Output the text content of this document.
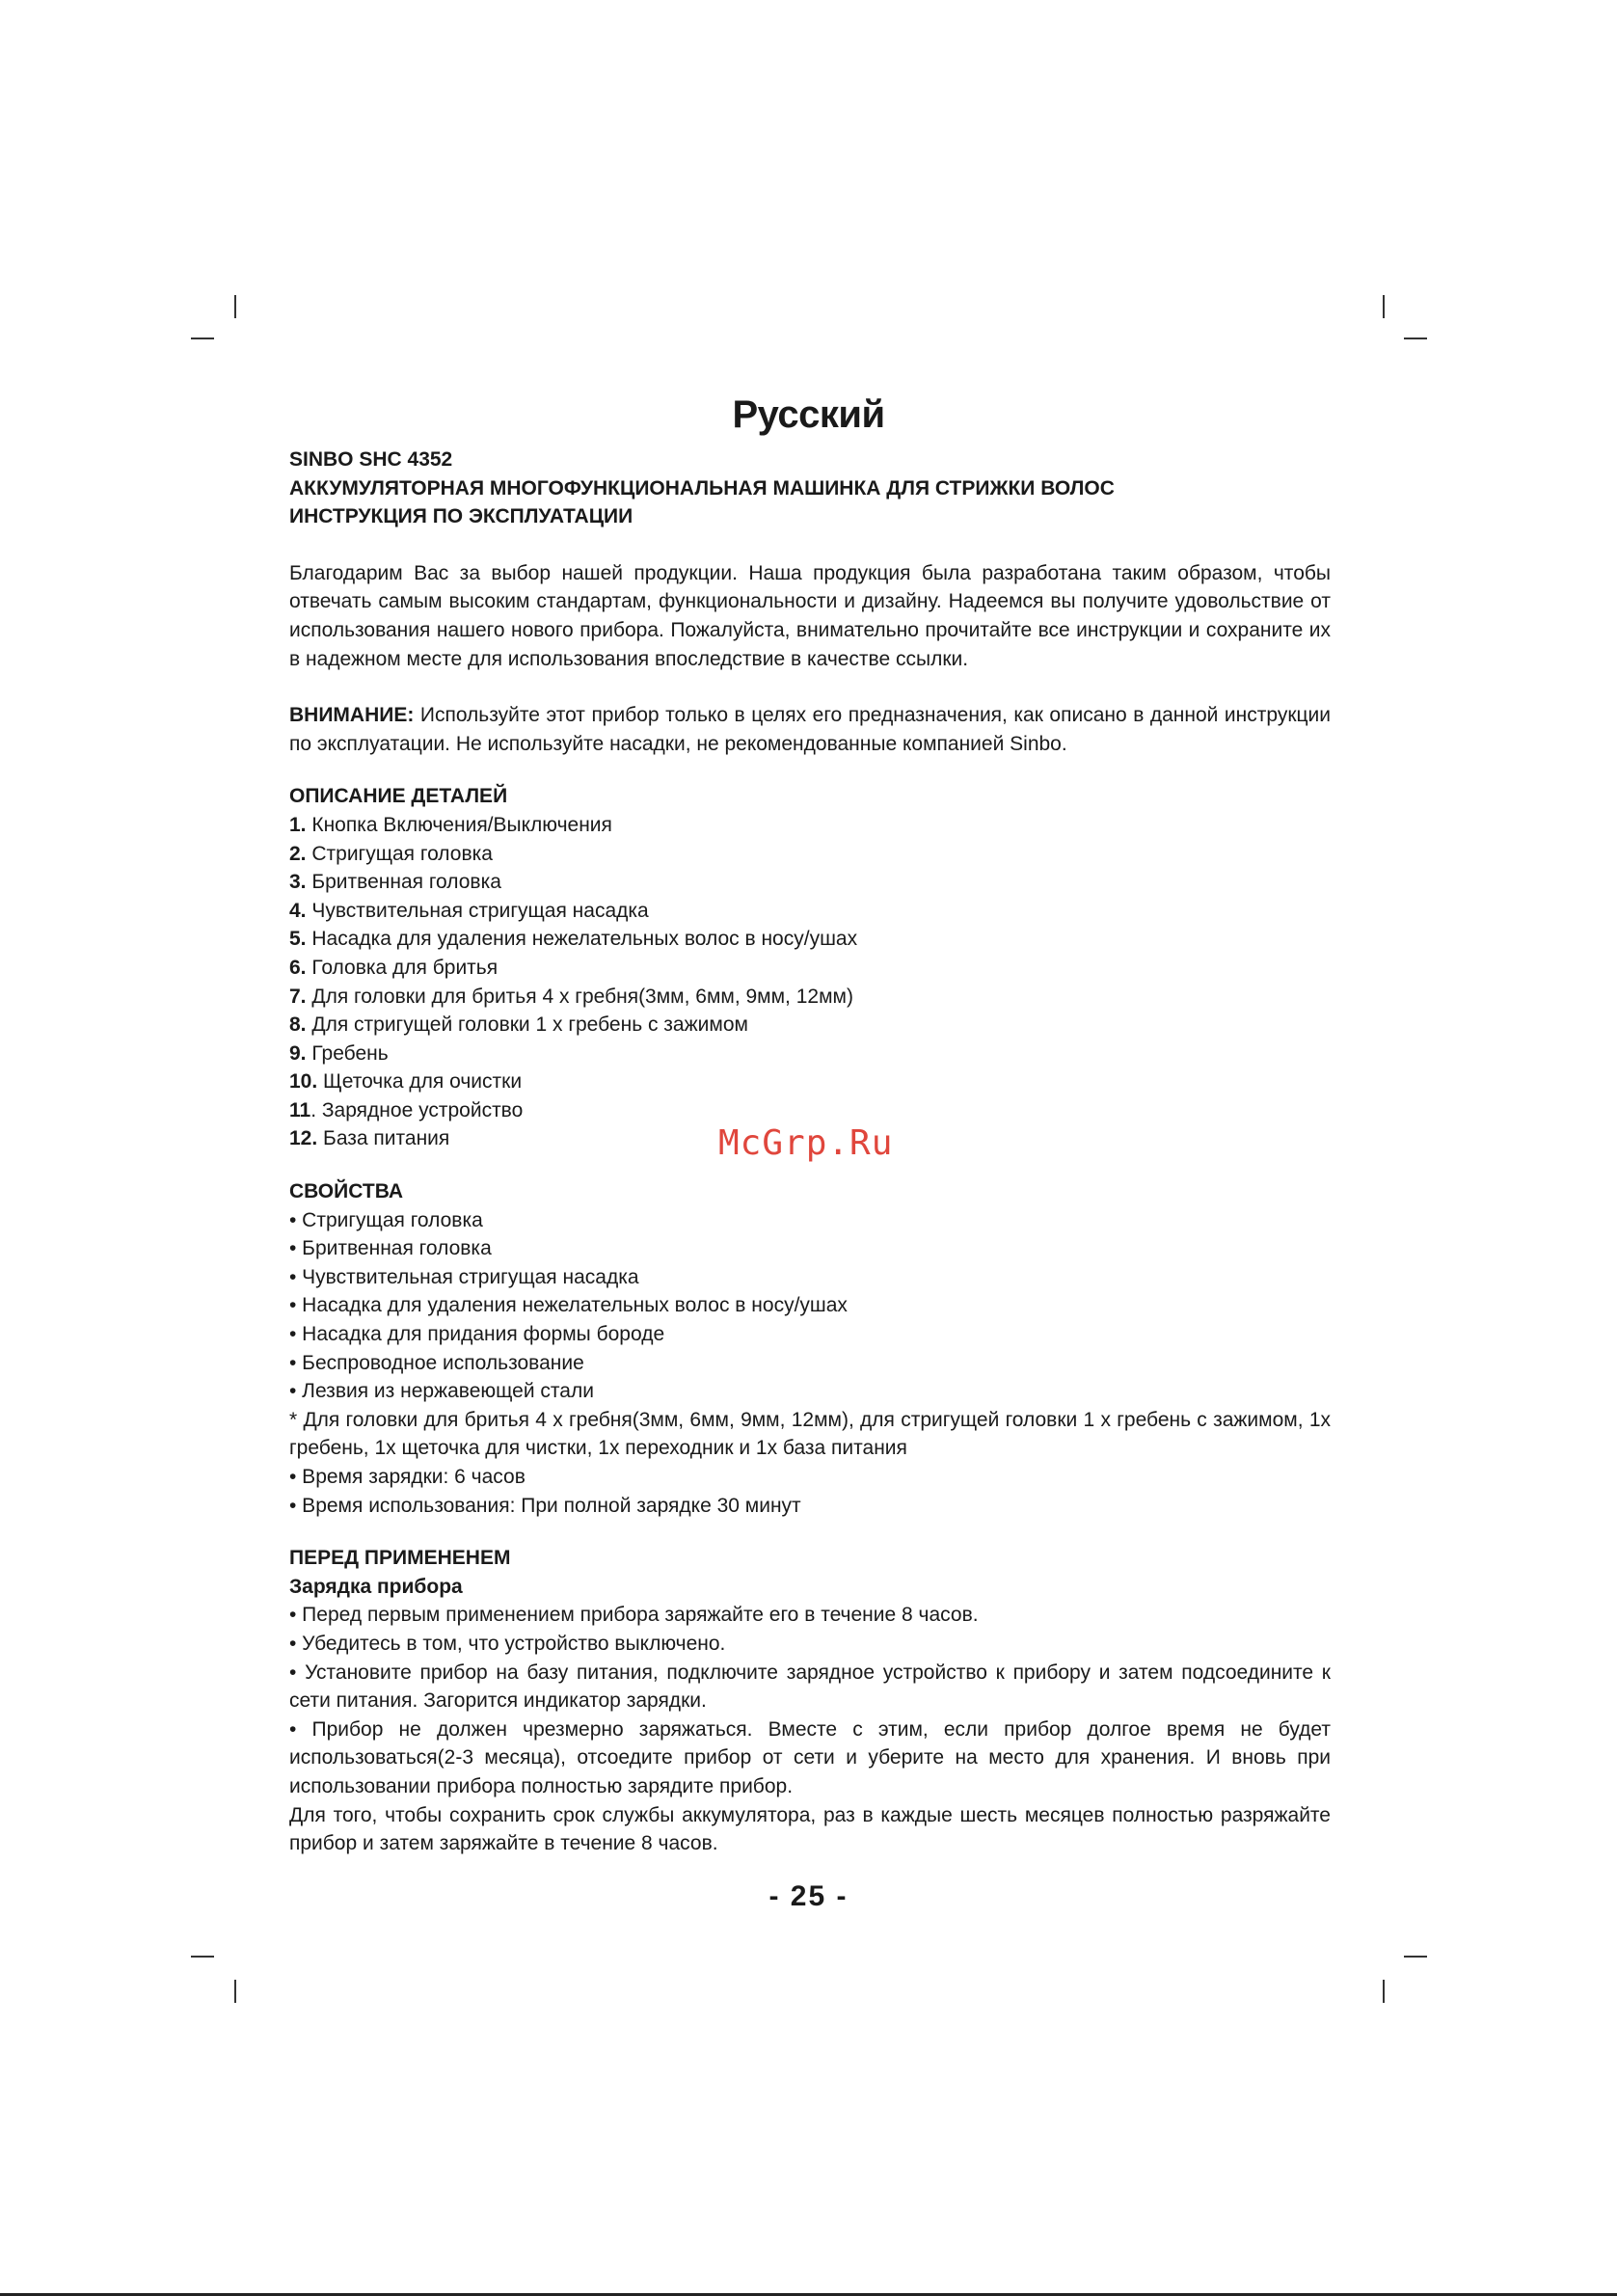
Русский
SINBO SHC 4352
АККУМУЛЯТОРНАЯ МНОГОФУНКЦИОНАЛЬНАЯ МАШИНКА ДЛЯ СТРИЖКИ ВОЛОС
ИНСТРУКЦИЯ ПО ЭКСПЛУАТАЦИИ

Благодарим Вас за выбор нашей продукции. Наша продукция была разработана таким образом, чтобы отвечать самым высоким стандартам, функциональности и дизайну. Надеемся вы получите удовольствие от использования нашего нового прибора. Пожалуйста, внимательно прочитайте все инструкции и сохраните их в надежном месте для использования впоследствие в качестве ссылки.

ВНИМАНИЕ: Используйте этот прибор только в целях его предназначения, как описано в данной инструкции по эксплуатации. Не используйте насадки, не рекомендованные компанией Sinbo.

ОПИСАНИЕ ДЕТАЛЕЙ
1. Кнопка Включения/Выключения
2. Стригущая головка
3. Бритвенная головка
4. Чувствительная стригущая насадка
5. Насадка для удаления нежелательных волос в носу/ушах
6. Головка для бритья
7. Для головки для бритья 4 х гребня(3мм, 6мм, 9мм, 12мм)
8. Для стригущей головки 1 х гребень с зажимом
9. Гребень
10. Щеточка для очистки
11. Зарядное устройство
12. База питания
СВОЙСТВА

• Стригущая головка

• Бритвенная головка

• Чувствительная стригущая насадка

• Насадка для удаления нежелательных волос в носу/ушах

• Насадка для придания формы бороде

• Беспроводное использование

• Лезвия из нержавеющей стали

* Для головки для бритья 4 х гребня(3мм, 6мм, 9мм, 12мм), для стригущей головки 1 х гребень с зажимом, 1х гребень, 1х щеточка для чистки, 1х переходник и 1х база питания

• Время зарядки: 6 часов

• Время использования: При полной зарядке 30 минут

ПЕРЕД ПРИМЕНЕНЕМ
Зарядка прибора

• Перед первым применением прибора заряжайте его в течение 8 часов.

• Убедитесь в том, что устройство выключено.

• Установите прибор на базу питания, подключите зарядное устройство к прибору и затем подсоедините к сети питания. Загорится индикатор зарядки.

• Прибор не должен чрезмерно заряжаться. Вместе с этим, если прибор долгое время не будет использоваться(2-3 месяца), отсоедите прибор от сети и уберите на место для хранения. И вновь при использовании прибора полностью зарядите прибор.

Для того, чтобы сохранить срок службы аккумулятора, раз в каждые шесть месяцев полностью разряжайте прибор и затем заряжайте в течение 8 часов.

McGrp.Ru
- 25 -
